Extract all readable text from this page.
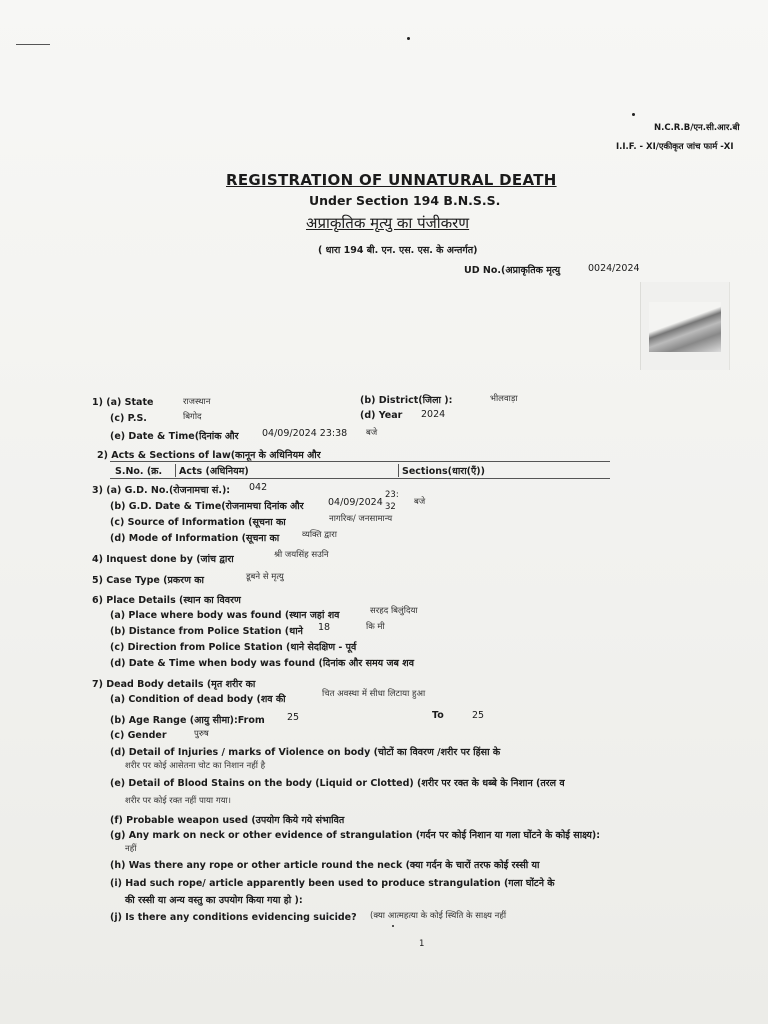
N.C.R.B/एन.सी.आर.बी
I.I.F. - XI/एकीकृत जांच फार्म -XI
REGISTRATION OF UNNATURAL DEATH
Under Section 194 B.N.S.S.
अप्राकृतिक मृत्यु का पंजीकरण
( धारा 194 बी. एन. एस. एस. के अन्तर्गत)
UD No.(अप्राकृतिक मृत्यु	0024/2024
1) (a) State	राजस्थान	(b) District(जिला ):	भीलवाड़ा
(c) P.S.	बिगोद	(d) Year 2024
(e) Date & Time(दिनांक और 04/09/2024 23:38 बजे
2) Acts & Sections of law(कानून के अधिनियम और
S.No. (क्र.	Acts (अधिनियम)	Sections(धारा(एँ))
3) (a) G.D. No.(रोजनामचा सं.): 042
(b) G.D. Date & Time(रोजनामचा दिनांक और	04/09/2024
23:
32 बजे
(c) Source of Information (सूचना का	नागरिक/ जनसामान्य
(d) Mode of Information (सूचना का	व्यक्ति द्वारा
4) Inquest done by (जांच द्वारा	श्री जयसिंह सउनि
5) Case Type (प्रकरण का	डूबने से मृत्यु
6) Place Details (स्थान का विवरण
(a) Place where body was found (स्थान जहां शव	सरहद बिलुंदिया
(b) Distance from Police Station (थाने 18	कि मी
(c) Direction from Police Station (थाने सेदक्षिण - पूर्व
(d) Date & Time when body was found (दिनांक और समय जब शव
7) Dead Body details (मृत शरीर का
(a) Condition of dead body (शव की	चित अवस्था में सीधा लिटाया हुआ
(b) Age Range (आयु सीमा):From 25	To	25
(c) Gender	पुरुष
(d) Detail of Injuries / marks of Violence on body (चोटों का विवरण /शरीर पर हिंसा के
शरीर पर कोई आसेतना चोट का निशान नहीं है
(e) Detail of Blood Stains on the body (Liquid or Clotted) (शरीर पर रक्त के धब्बे के निशान (तरल व
शरीर पर कोई रक्त नहीं पाया गया।
(f) Probable weapon used (उपयोग किये गये संभावित
(g) Any mark on neck or other evidence of strangulation (गर्दन पर कोई निशान या गला घोंटने के कोई साक्ष्य):
नहीं
(h) Was there any rope or other article round the neck (क्या गर्दन के चारों तरफ कोई रस्सी या
(i) Had such rope/ article apparently been used to produce strangulation (गला घोंटने के
की रस्सी या अन्य वस्तु का उपयोग किया गया हो ):
(j) Is there any conditions evidencing suicide? (क्या आत्महत्या के कोई स्थिति के साक्ष्य नहीं
1
